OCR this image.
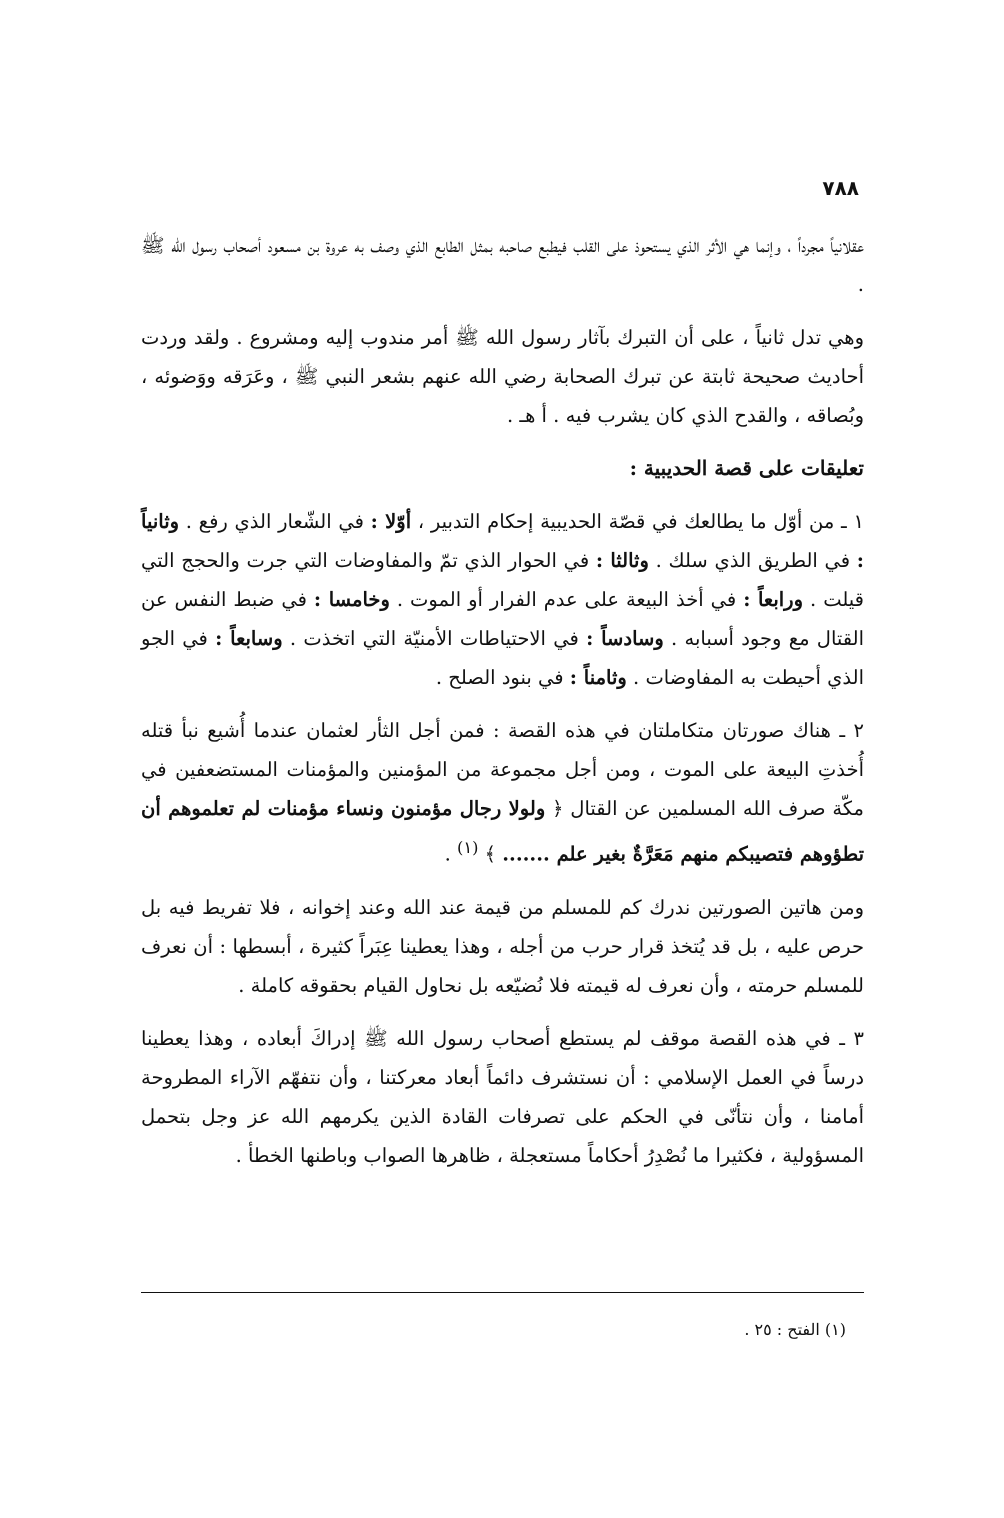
٧٨٨

عقلانياً مجرداً ، وإنما هي الأثر الذي يستحوذ على القلب فيطبع صاحبه بمثل الطابع الذي وصف به عروة بن مسعود أصحاب رسول الله ﷺ .

وهي تدل ثانياً ، على أن التبرك بآثار رسول الله ﷺ أمر مندوب إليه ومشروع . ولقد وردت أحاديث صحيحة ثابتة عن تبرك الصحابة رضي الله عنهم بشعر النبي ﷺ ، وعَرَقه ووَضوئه ، وبُصاقه ، والقدح الذي كان يشرب فيه . أ هـ .

تعليقات على قصة الحديبية :

١ ـ من أوّل ما يطالعك في قصّة الحديبية إحكام التدبير ، أوّلا : في الشّعار الذي رفع . وثانياً : في الطريق الذي سلك . وثالثا : في الحوار الذي تمّ والمفاوضات التي جرت والحجج التي قيلت . ورابعاً : في أخذ البيعة على عدم الفرار أو الموت . وخامسا : في ضبط النفس عن القتال مع وجود أسبابه . وسادساً : في الاحتياطات الأمنيّة التي اتخذت . وسابعاً : في الجو الذي أحيطت به المفاوضات . وثامناً : في بنود الصلح .

٢ ـ هناك صورتان متكاملتان في هذه القصة : فمن أجل الثأر لعثمان عندما أُشيع نبأ قتله أُخذتِ البيعة على الموت ، ومن أجل مجموعة من المؤمنين والمؤمنات المستضعفين في مكّة صرف الله المسلمين عن القتال ﴿ ولولا رجال مؤمنون ونساء مؤمنات لم تعلموهم أن تطؤوهم فتصيبكم منهم مَعَرَّةٌ بغير علم ....... ﴾ $^{(١)}$ .

ومن هاتين الصورتين ندرك كم للمسلم من قيمة عند الله وعند إخوانه ، فلا تفريط فيه بل حرص عليه ، بل قد يُتخذ قرار حرب من أجله ، وهذا يعطينا عِبَراً كثيرة ، أبسطها : أن نعرف للمسلم حرمته ، وأن نعرف له قيمته فلا نُضيّعه بل نحاول القيام بحقوقه كاملة .

٣ ـ في هذه القصة موقف لم يستطع أصحاب رسول الله ﷺ إدراكَ أبعاده ، وهذا يعطينا درساً في العمل الإسلامي : أن نستشرف دائماً أبعاد معركتنا ، وأن نتفهّم الآراء المطروحة أمامنا ، وأن نتأنّى في الحكم على تصرفات القادة الذين يكرمهم الله عز وجل بتحمل المسؤولية ، فكثيرا ما نُصْدِرُ أحكاماً مستعجلة ، ظاهرها الصواب وباطنها الخطأ .

(١) الفتح : ٢٥ .
